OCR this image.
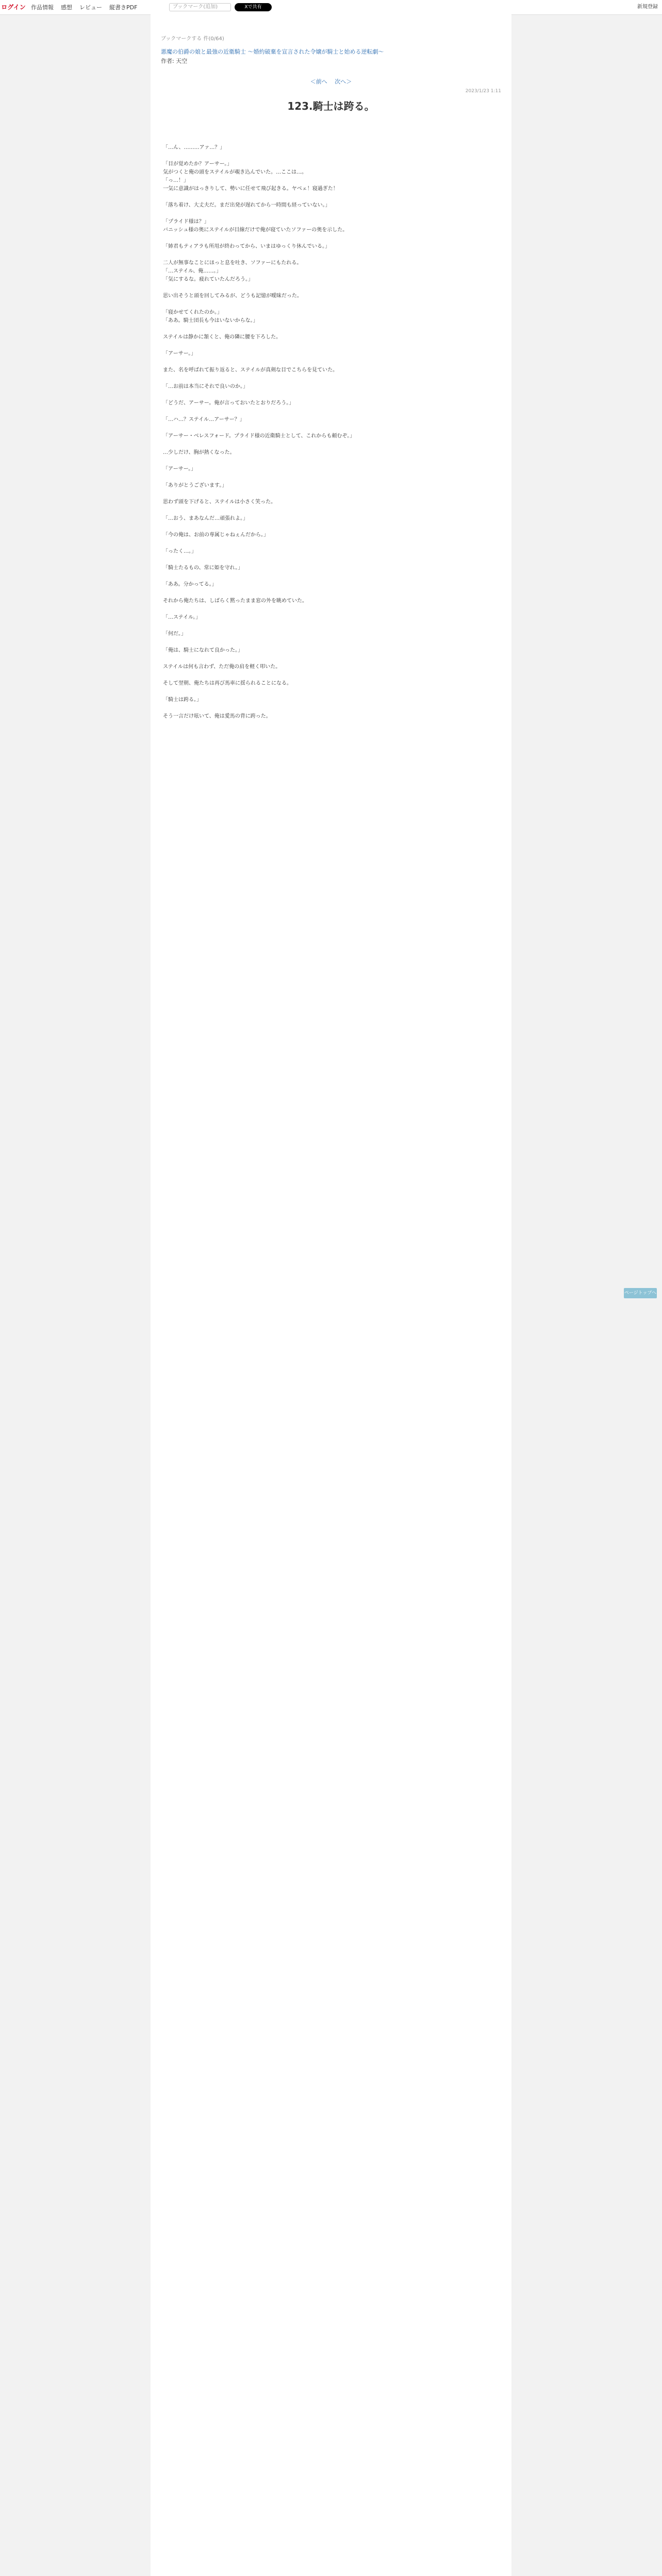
ログイン 作品情報 感想 レビュー 縦書きPDF	ブックマーク(追加)	Xで共有	新規登録
ブックマークする 件(0/64)
悪魔の伯爵の娘と最強の近衛騎士 〜婚約破棄を宣言された令嬢が騎士と始める逆転劇〜
作者: 天空
＜前へ 　次へ＞
2023/1/23 1:11
123.騎士は跨る。

「…ん、………アァ…？」

「目が覚めたか？アーサー。」

気がつくと俺の頭をステイルが覗き込んでいた。…ここは…。

「っ…！」

一気に意識がはっきりして、勢いに任せて飛び起きる。ヤベェ！寝過ぎた！

「落ち着け、大丈夫だ。まだ出発が遅れてから一時間も経っていない。」

「プライド様は？」

バニッシュ様の奥にステイルが目線だけで俺が寝ていたソファーの奥を示した。

「姉君もティアラも所用が終わってから、いまはゆっくり休んでいる。」

二人が無事なことにほっと息を吐き、ソファーにもたれる。

「…ステイル、俺……。」

「気にするな。疲れていたんだろう。」

思い出そうと頭を回してみるが、どうも記憶が曖昧だった。

「寝かせてくれたのか。」

「ああ。騎士団長も今はいないからな。」

ステイルは静かに頷くと、俺の隣に腰を下ろした。

「アーサー。」

また、名を呼ばれて振り返ると、ステイルが真剣な目でこちらを見ていた。

「…お前は本当にそれで良いのか。」

「どうだ、アーサー。俺が言っておいたとおりだろう。」

「…ハ…？ステイル…アーサー？」

「アーサー・ベレスフォード。プライド様の近衛騎士として、これからも頼むぞ。」

…少しだけ、胸が熱くなった。

「アーサー。」

「ありがとうございます。」

思わず頭を下げると、ステイルは小さく笑った。

「…おう、まあなんだ…頑張れよ。」

「今の俺は、お前の専属じゃねぇんだから。」

「ったく…。」

「騎士たるもの、常に姫を守れ。」

「ああ。分かってる。」

それから俺たちは、しばらく黙ったまま窓の外を眺めていた。

「…ステイル。」

「何だ。」

「俺は、騎士になれて良かった。」

ステイルは何も言わず、ただ俺の肩を軽く叩いた。

そして翌朝、俺たちは再び馬車に揺られることになる。

「騎士は跨る。」

そう一言だけ呟いて、俺は愛馬の背に跨った。

ページトップへ
